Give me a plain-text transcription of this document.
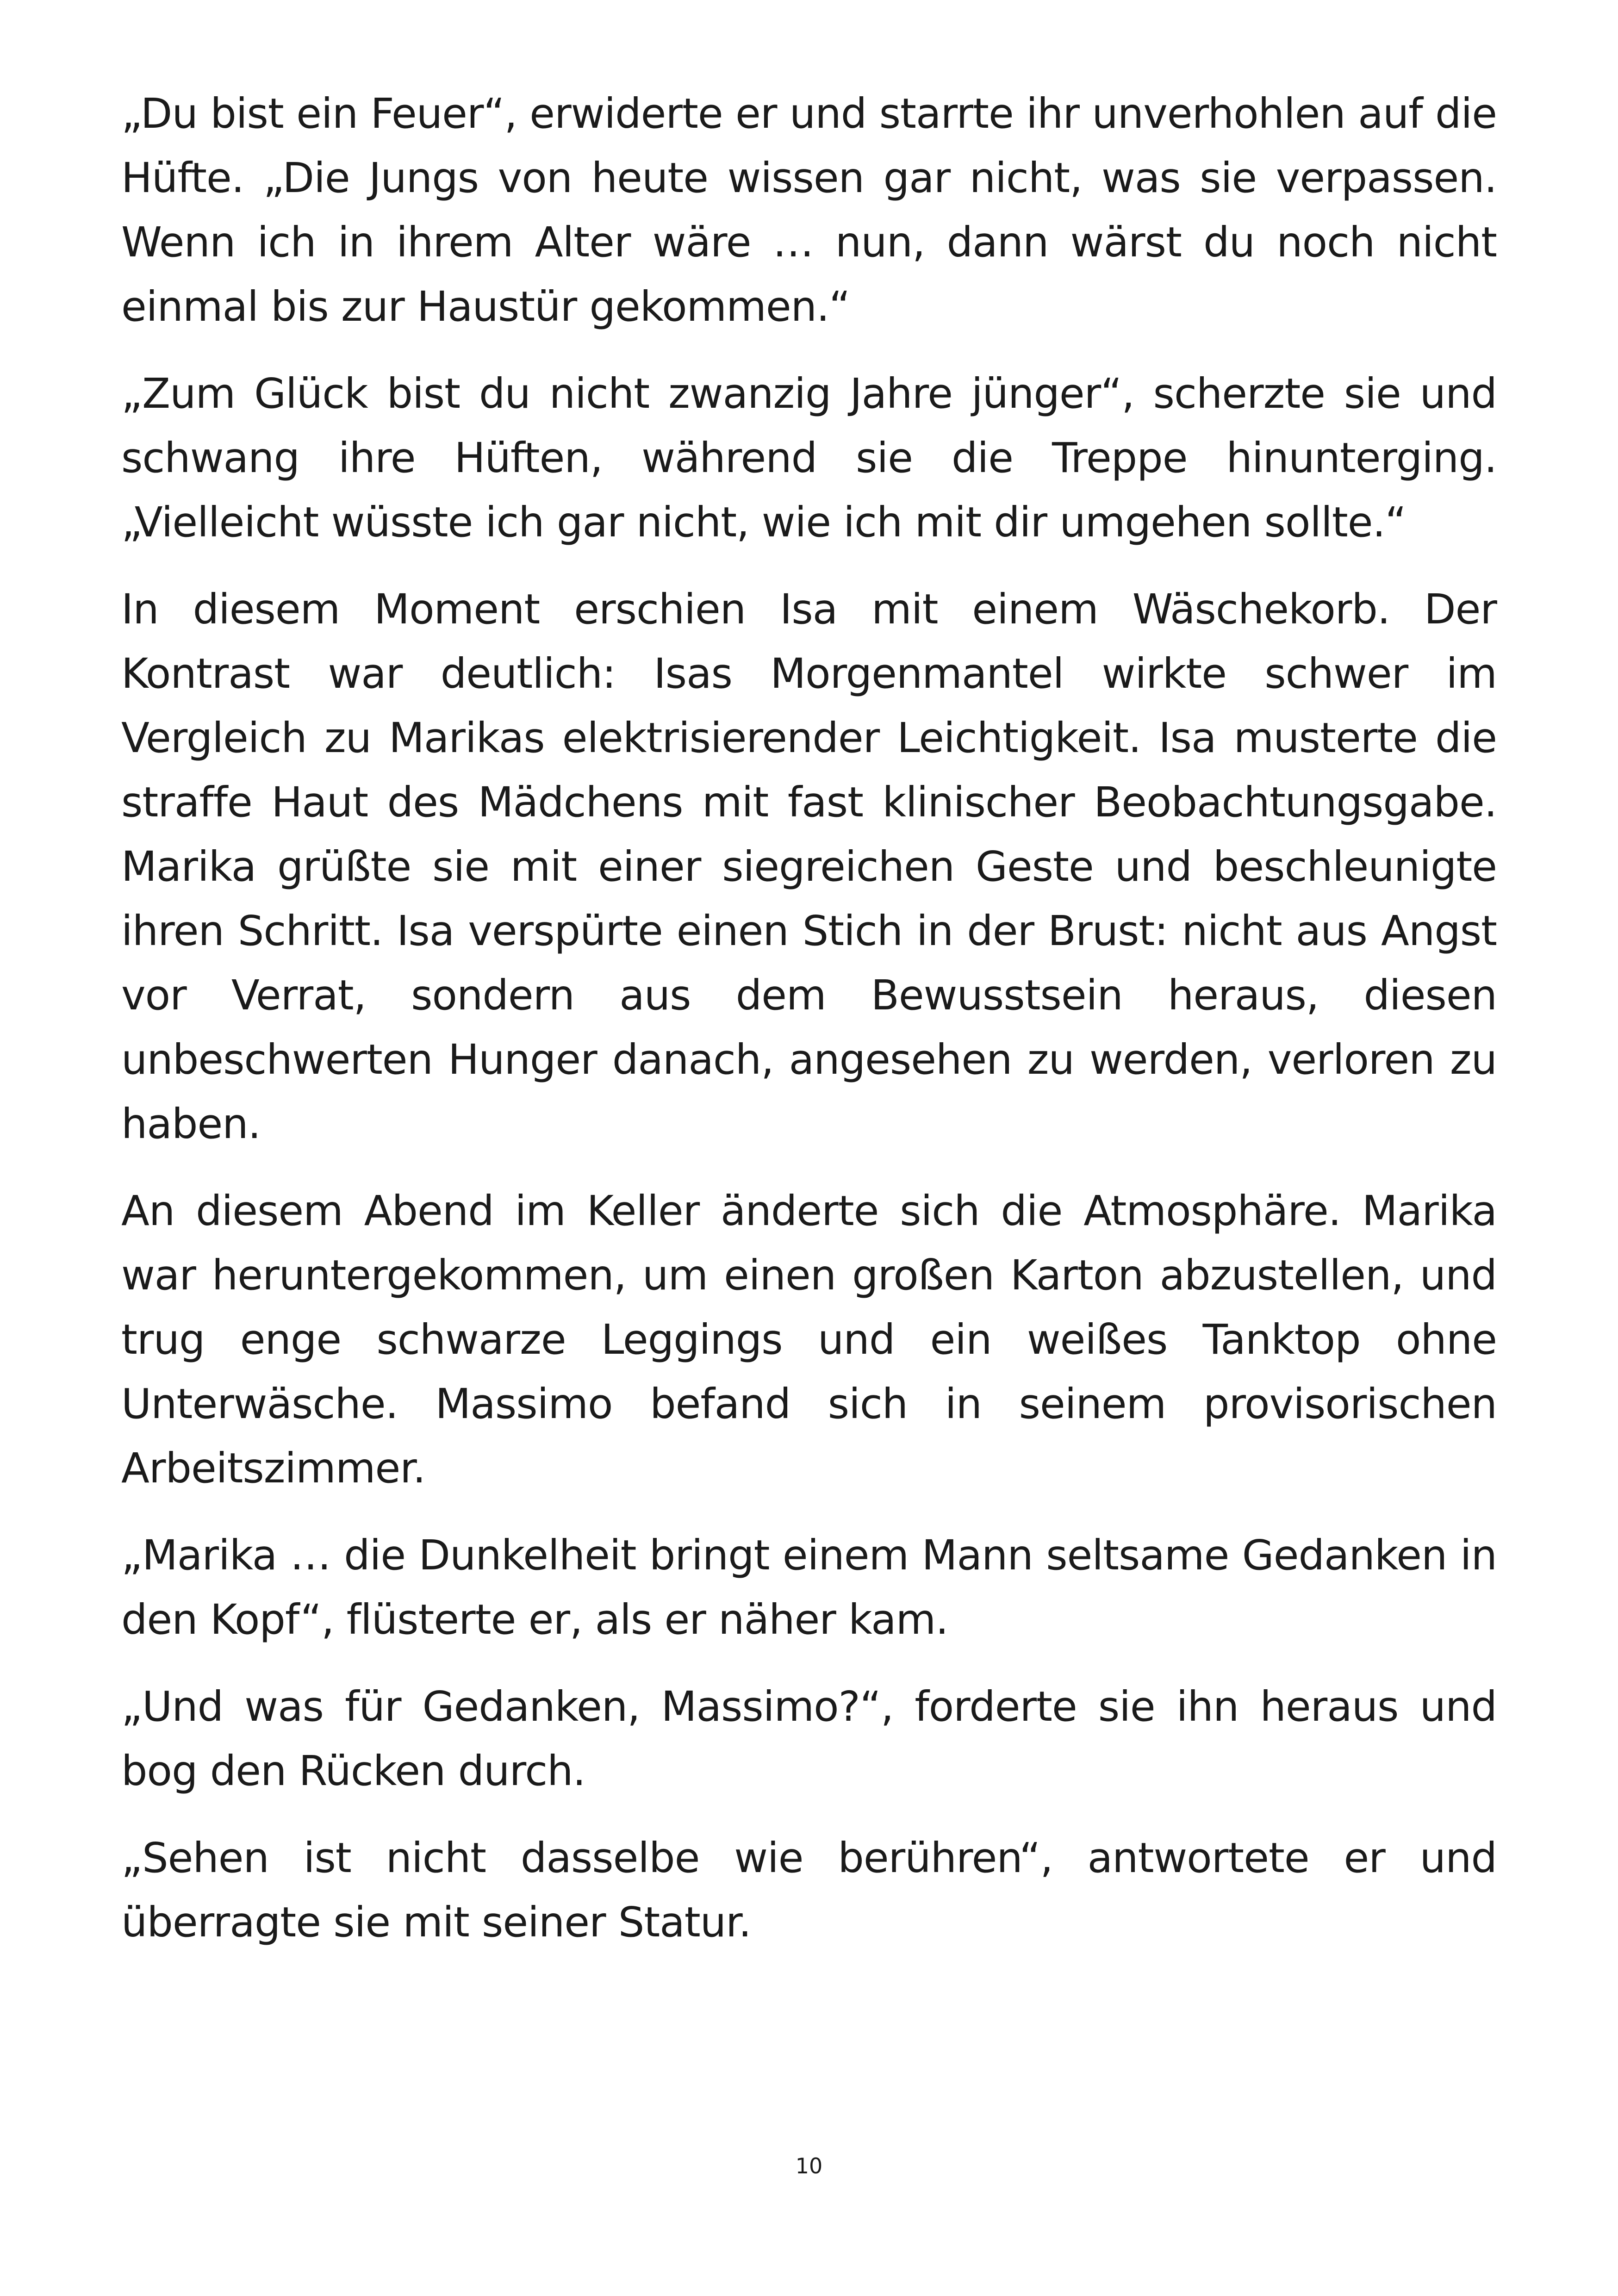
„Du bist ein Feuer“, erwiderte er und starrte ihr unverhohlen auf die Hüfte. „Die Jungs von heute wissen gar nicht, was sie verpassen. Wenn ich in ihrem Alter wäre … nun, dann wärst du noch nicht einmal bis zur Haustür gekommen.“

„Zum Glück bist du nicht zwanzig Jahre jünger“, scherzte sie und schwang ihre Hüften, während sie die Treppe hinunterging. „Vielleicht wüsste ich gar nicht, wie ich mit dir umgehen sollte.“

In diesem Moment erschien Isa mit einem Wäschekorb. Der Kontrast war deutlich: Isas Morgenmantel wirkte schwer im Vergleich zu Marikas elektrisierender Leichtigkeit. Isa musterte die straffe Haut des Mädchens mit fast klinischer Beobachtungsgabe. Marika grüßte sie mit einer siegreichen Geste und beschleunigte ihren Schritt. Isa verspürte einen Stich in der Brust: nicht aus Angst vor Verrat, sondern aus dem Bewusstsein heraus, diesen unbeschwerten Hunger danach, angesehen zu werden, verloren zu haben.

An diesem Abend im Keller änderte sich die Atmosphäre. Marika war heruntergekommen, um einen großen Karton abzustellen, und trug enge schwarze Leggings und ein weißes Tanktop ohne Unterwäsche. Massimo befand sich in seinem provisorischen Arbeitszimmer.

„Marika … die Dunkelheit bringt einem Mann seltsame Gedanken in den Kopf“, flüsterte er, als er näher kam.

„Und was für Gedanken, Massimo?“, forderte sie ihn heraus und bog den Rücken durch.

„Sehen ist nicht dasselbe wie berühren“, antwortete er und überragte sie mit seiner Statur.

10
